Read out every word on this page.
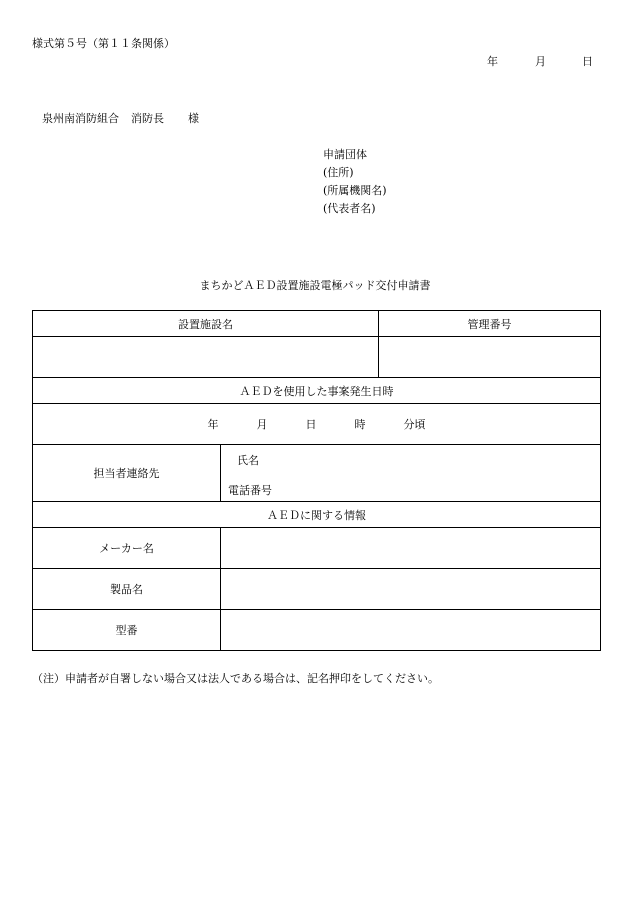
様式第５号（第１１条関係）
年	月	日
泉州南消防組合 消防長 様
申請団体
(住所)
(所属機関名)
(代表者名)
まちかどＡＥＤ設置施設電極パッド交付申請書
設置施設名		管理番号

ＡＥＤを使用した事案発生日時		
年 月 日 時 分頃		
担当者連絡先	氏名
電話番号	

ＡＥＤに関する情報		
メーカー名		
製品名		
型番		
（注）申請者が自署しない場合又は法人である場合は、記名押印をしてください。
